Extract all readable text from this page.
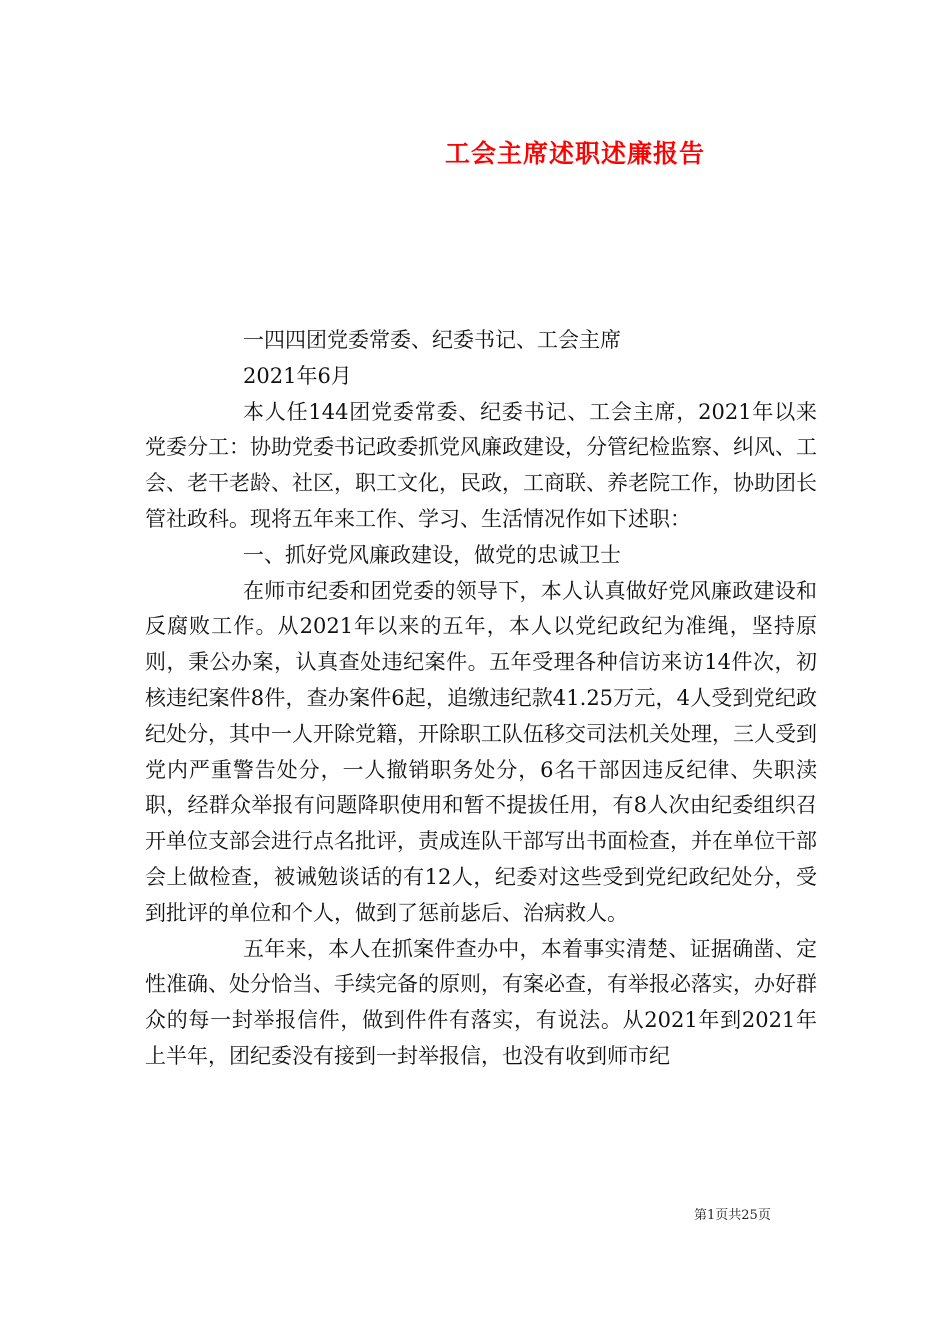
工会主席述职述廉报告

一四四团党委常委、纪委书记、工会主席

2021年6月

本人任144团党委常委、纪委书记、工会主席，2021年以来党委分工：协助党委书记政委抓党风廉政建设，分管纪检监察、纠风、工会、老干老龄、社区，职工文化，民政，工商联、养老院工作，协助团长管社政科。现将五年来工作、学习、生活情况作如下述职：

一、抓好党风廉政建设，做党的忠诚卫士

在师市纪委和团党委的领导下，本人认真做好党风廉政建设和反腐败工作。从2021年以来的五年，本人以党纪政纪为准绳，坚持原则，秉公办案，认真查处违纪案件。五年受理各种信访来访14件次，初核违纪案件8件，查办案件6起，追缴违纪款41.25万元，4人受到党纪政纪处分，其中一人开除党籍，开除职工队伍移交司法机关处理，三人受到党内严重警告处分，一人撤销职务处分，6名干部因违反纪律、失职渎职，经群众举报有问题降职使用和暂不提拔任用，有8人次由纪委组织召开单位支部会进行点名批评，责成连队干部写出书面检查，并在单位干部会上做检查，被诫勉谈话的有12人，纪委对这些受到党纪政纪处分，受到批评的单位和个人，做到了惩前毖后、治病救人。

五年来，本人在抓案件查办中，本着事实清楚、证据确凿、定性准确、处分恰当、手续完备的原则，有案必查，有举报必落实，办好群众的每一封举报信件，做到件件有落实，有说法。从2021年到2021年上半年，团纪委没有接到一封举报信，也没有收到师市纪

第1页共25页
